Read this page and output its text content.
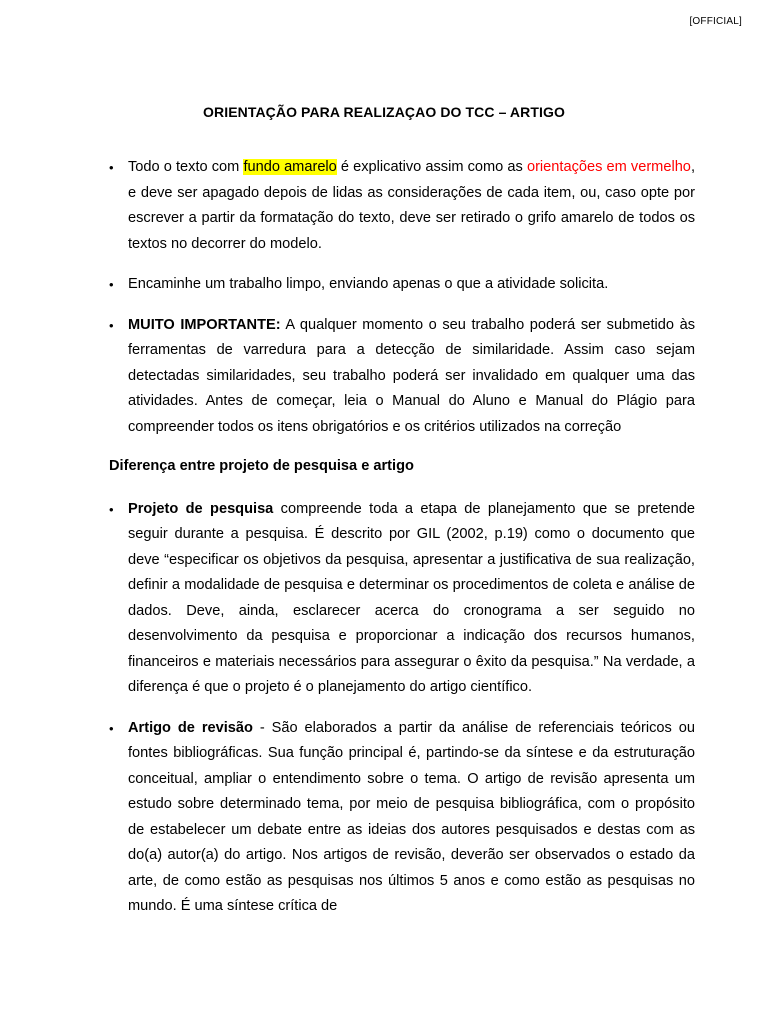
[OFFICIAL]
ORIENTAÇÃO PARA REALIZAÇAO DO TCC – ARTIGO
• Todo o texto com fundo amarelo é explicativo assim como as orientações em vermelho, e deve ser apagado depois de lidas as considerações de cada item, ou, caso opte por escrever a partir da formatação do texto, deve ser retirado o grifo amarelo de todos os textos no decorrer do modelo.
• Encaminhe um trabalho limpo, enviando apenas o que a atividade solicita.
• MUITO IMPORTANTE: A qualquer momento o seu trabalho poderá ser submetido às ferramentas de varredura para a detecção de similaridade. Assim caso sejam detectadas similaridades, seu trabalho poderá ser invalidado em qualquer uma das atividades. Antes de começar, leia o Manual do Aluno e Manual do Plágio para compreender todos os itens obrigatórios e os critérios utilizados na correção
Diferença entre projeto de pesquisa e artigo
• Projeto de pesquisa compreende toda a etapa de planejamento que se pretende seguir durante a pesquisa. É descrito por GIL (2002, p.19) como o documento que deve “especificar os objetivos da pesquisa, apresentar a justificativa de sua realização, definir a modalidade de pesquisa e determinar os procedimentos de coleta e análise de dados. Deve, ainda, esclarecer acerca do cronograma a ser seguido no desenvolvimento da pesquisa e proporcionar a indicação dos recursos humanos, financeiros e materiais necessários para assegurar o êxito da pesquisa.” Na verdade, a diferença é que o projeto é o planejamento do artigo científico.
• Artigo de revisão - São elaborados a partir da análise de referenciais teóricos ou fontes bibliográficas. Sua função principal é, partindo-se da síntese e da estruturação conceitual, ampliar o entendimento sobre o tema. O artigo de revisão apresenta um estudo sobre determinado tema, por meio de pesquisa bibliográfica, com o propósito de estabelecer um debate entre as ideias dos autores pesquisados e destas com as do(a) autor(a) do artigo. Nos artigos de revisão, deverão ser observados o estado da arte, de como estão as pesquisas nos últimos 5 anos e como estão as pesquisas no mundo. É uma síntese crítica de
